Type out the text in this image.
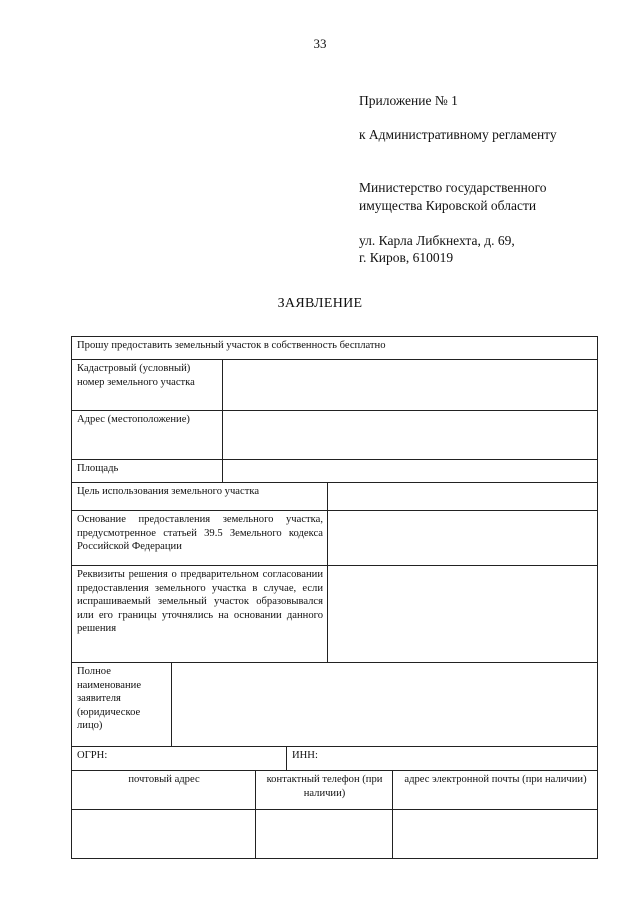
33
Приложение № 1
к Административному регламенту
Министерство государственного
имущества Кировской области
ул. Карла Либкнехта, д. 69,
г. Киров, 610019
ЗАЯВЛЕНИЕ
Прошу предоставить земельный участок в собственность бесплатно
Кадастровый (условный) номер земельного участка
Адрес (местоположение)
Площадь
Цель использования земельного участка
Основание предоставления земельного участка, предусмотренное статьей 39.5 Земельного кодекса Российской Федерации
Реквизиты решения о предварительном согласовании предоставления земельного участка в случае, если испрашиваемый земельный участок образовывался или его границы уточнялись на основании данного решения
Полное наименование заявителя (юридическое лицо)
ОГРН:	ИНН:
почтовый адрес	контактный телефон (при наличии)
адрес электронной почты (при наличии)
